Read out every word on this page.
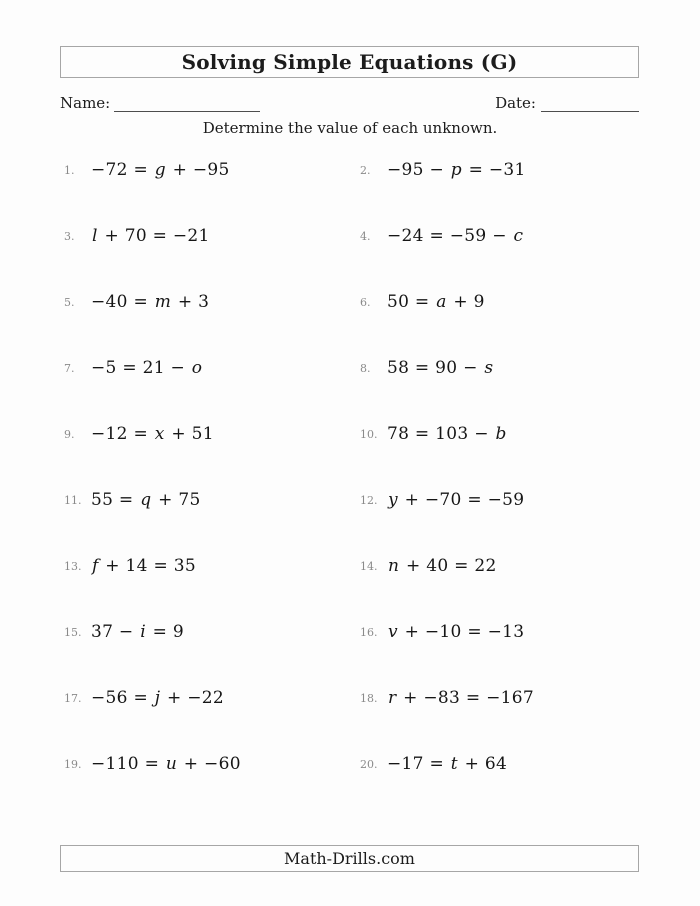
Solving Simple Equations (G)
Name:	Date:
Determine the value of each unknown.
1. −72 = g + −95	2. −95 − p = −31
3.	l + 70 = −21	4. −24 = −59 − c
5. −40 = m + 3	6. 50 = a + 9
7. −5 = 21 − o	8. 58 = 90 − s
9. −12 = x + 51	10. 78 = 103 − b
11. 55 = q + 75	12. y + −70 = −59
13. f + 14 = 35	14. n + 40 = 22
15. 37 − i = 9	16. v + −10 = −13
17. −56 = j + −22	18. r + −83 = −167
19. −110 = u + −60	20. −17 = t + 64
Math-Drills.com
